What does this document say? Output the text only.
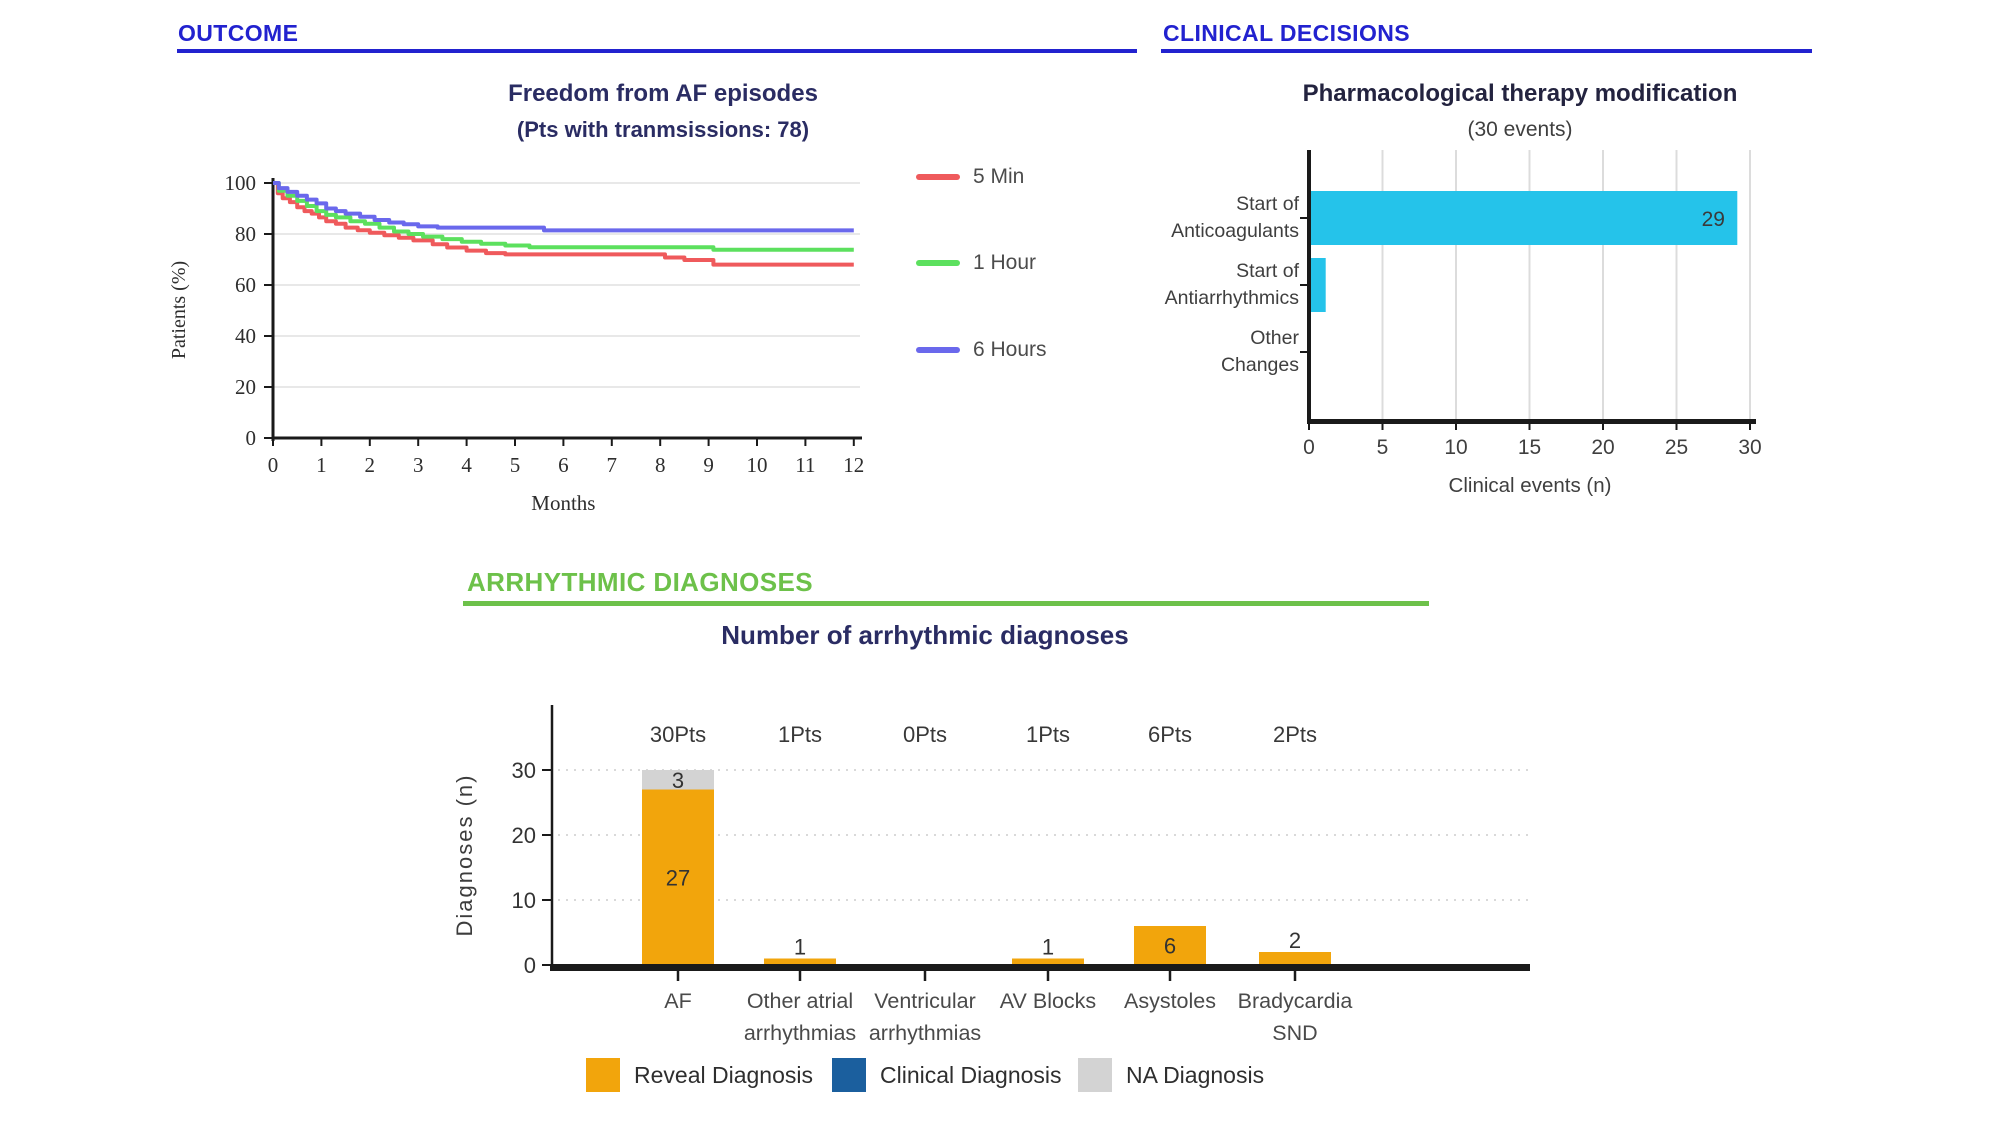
OUTCOME
Freedom from AF episodes
(Pts with tranmsissions: 78)
0 1 2 3 4 5 6 7 8 9 10 11 12
0
20
40
60
80
100
Months
Patients (%)
5 Min
1 Hour
6 Hours
CLINICAL DECISIONS
Pharmacological therapy modification
(30 events)
29
0	5	10 15 20 25 30
Clinical events (n)
Start of Anticoagulants
Start of Antiarrhythmics
Other Changes
ARRHYTHMIC DIAGNOSES
Number of arrhythmic diagnoses
27
3
30Pts
1
1Pts	0Pts
1
1Pts
6
6Pts
2
2Pts
0
10
20
30
Diagnoses (n)
AF	Other atrial arrhythmias
Ventricular arrhythmias
AV Blocks Asystoles Bradycardia SND
Reveal Diagnosis	Clinical Diagnosis	NA Diagnosis
